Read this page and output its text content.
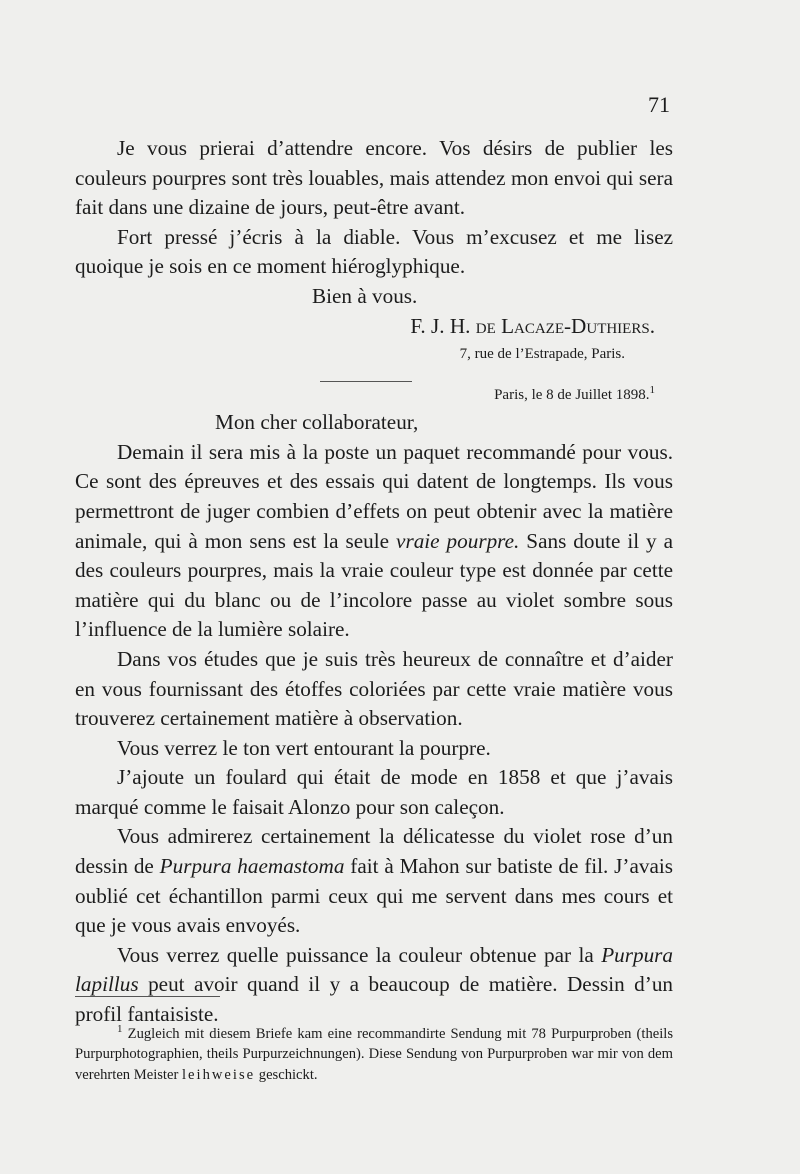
71

Je vous prierai d’attendre encore. Vos désirs de publier les couleurs pourpres sont très louables, mais attendez mon envoi qui sera fait dans une dizaine de jours, peut-être avant.

Fort pressé j’écris à la diable. Vous m’excusez et me lisez quoique je sois en ce moment hiéroglyphique.

Bien à vous.

F. J. H. de Lacaze-Duthiers.

7, rue de l’Estrapade, Paris.

Paris, le 8 de Juillet 1898.$^1$

Mon cher collaborateur,

Demain il sera mis à la poste un paquet recommandé pour vous. Ce sont des épreuves et des essais qui datent de longtemps. Ils vous permettront de juger combien d’effets on peut obtenir avec la matière animale, qui à mon sens est la seule vraie pourpre. Sans doute il y a des couleurs pourpres, mais la vraie couleur type est donnée par cette matière qui du blanc ou de l’incolore passe au violet sombre sous l’influence de la lumière solaire.

Dans vos études que je suis très heureux de connaître et d’aider en vous fournissant des étoffes coloriées par cette vraie matière vous trouverez certainement matière à observation.

Vous verrez le ton vert entourant la pourpre.

J’ajoute un foulard qui était de mode en 1858 et que j’avais marqué comme le faisait Alonzo pour son caleçon.

Vous admirerez certainement la délicatesse du violet rose d’un dessin de Purpura haemastoma fait à Mahon sur batiste de fil. J’avais oublié cet échantillon parmi ceux qui me servent dans mes cours et que je vous avais envoyés.

Vous verrez quelle puissance la couleur obtenue par la Purpura lapillus peut avoir quand il y a beaucoup de matière. Dessin d’un profil fantaisiste.

$^1$ Zugleich mit diesem Briefe kam eine recommandirte Sendung mit 78 Purpurproben (theils Purpurphotographien, theils Purpurzeichnungen). Diese Sendung von Purpurproben war mir von dem verehrten Meister leihweise geschickt.
